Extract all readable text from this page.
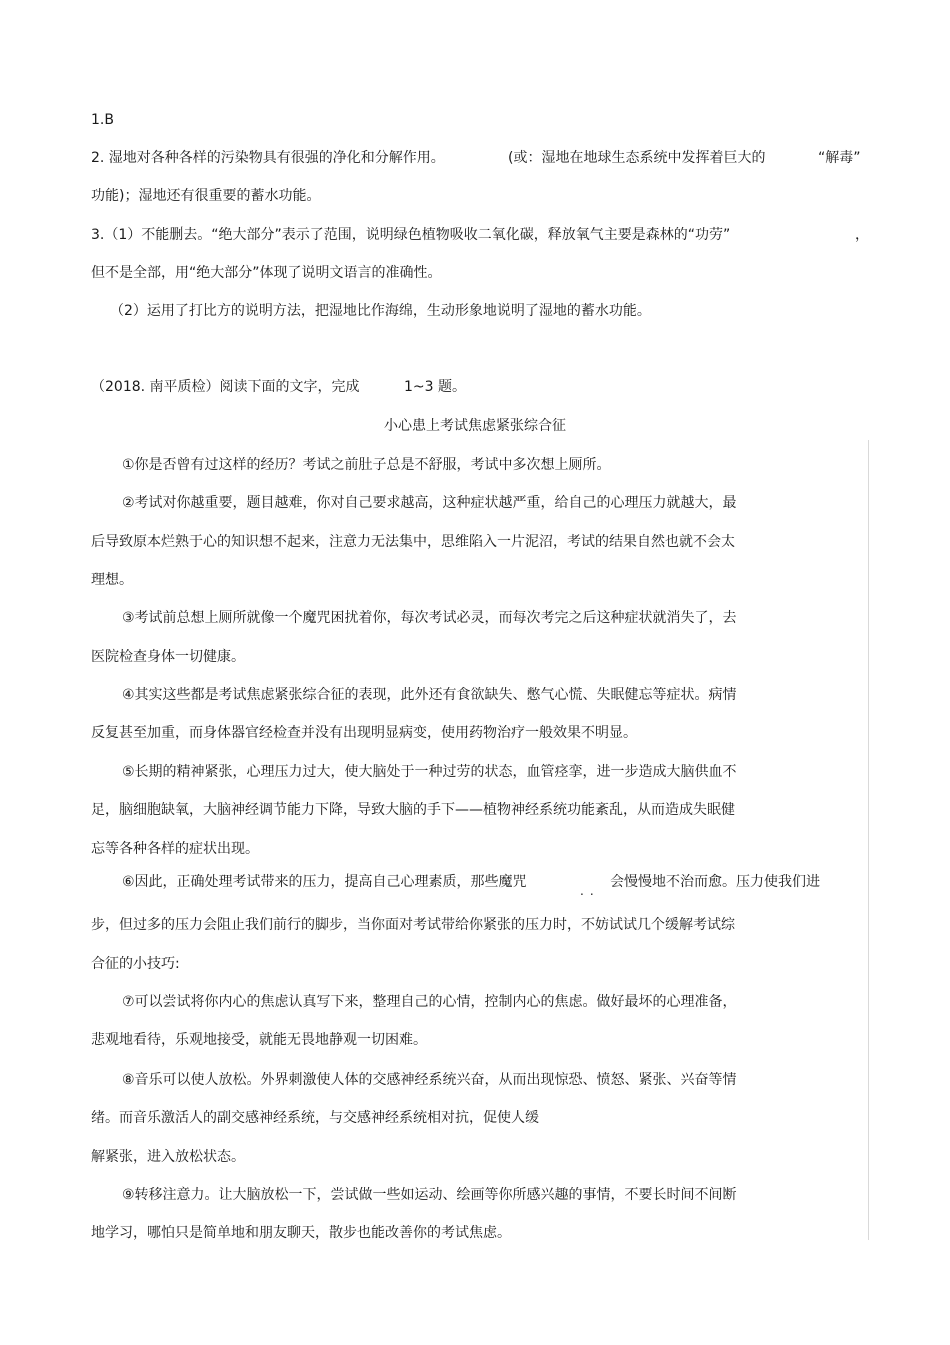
1.B
2. 湿地对各种各样的污染物具有很强的净化和分解作用。	(或：湿地在地球生态系统中发挥着巨大的	“解毒”
功能)；湿地还有很重要的蓄水功能。
3.（1）不能删去。“绝大部分”表示了范围，说明绿色植物吸收二氧化碳，释放氧气主要是森林的“功劳”	，
但不是全部，用“绝大部分”体现了说明文语言的准确性。
（2）运用了打比方的说明方法，把湿地比作海绵，生动形象地说明了湿地的蓄水功能。
（2018. 南平质检）阅读下面的文字，完成	1~3 题。
小心患上考试焦虑紧张综合征
①你是否曾有过这样的经历？考试之前肚子总是不舒服，考试中多次想上厕所。
②考试对你越重要，题目越难，你对自己要求越高，这种症状越严重，给自己的心理压力就越大，最
后导致原本烂熟于心的知识想不起来，注意力无法集中，思维陷入一片泥沼，考试的结果自然也就不会太
理想。
③考试前总想上厕所就像一个魔咒困扰着你，每次考试必灵，而每次考完之后这种症状就消失了，去
医院检查身体一切健康。
④其实这些都是考试焦虑紧张综合征的表现，此外还有食欲缺失、憋气心慌、失眠健忘等症状。病情
反复甚至加重，而身体器官经检查并没有出现明显病变，使用药物治疗一般效果不明显。
⑤长期的精神紧张，心理压力过大，使大脑处于一种过劳的状态，血管痉挛，进一步造成大脑供血不
足，脑细胞缺氧，大脑神经调节能力下降，导致大脑的手下——植物神经系统功能紊乱，从而造成失眠健
忘等各种各样的症状出现。
⑥因此，正确处理考试带来的压力，提高自己心理素质，那些魔咒
..
会慢慢地不治而愈。压力使我们进
步，但过多的压力会阻止我们前行的脚步，当你面对考试带给你紧张的压力时，不妨试试几个缓解考试综
合征的小技巧:
⑦可以尝试将你内心的焦虑认真写下来，整理自己的心情，控制内心的焦虑。做好最坏的心理准备，
悲观地看待，乐观地接受，就能无畏地静观一切困难。
⑧音乐可以使人放松。外界刺激使人体的交感神经系统兴奋，从而出现惊恐、愤怒、紧张、兴奋等情
绪。而音乐激活人的副交感神经系统，与交感神经系统相对抗，促使人缓
解紧张，进入放松状态。
⑨转移注意力。让大脑放松一下，尝试做一些如运动、绘画等你所感兴趣的事情，不要长时间不间断
地学习，哪怕只是简单地和朋友聊天，散步也能改善你的考试焦虑。
